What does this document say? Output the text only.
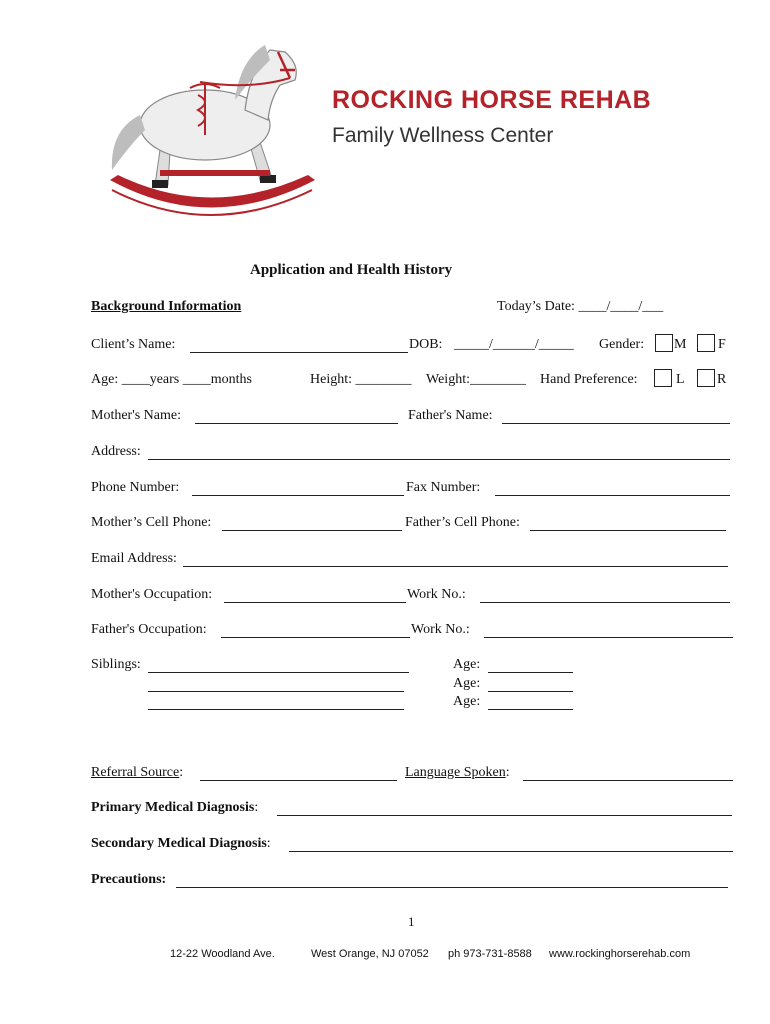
ROCKING HORSE REHAB
Family Wellness Center
Application and Health History
Background Information	Today’s Date: ____/____/___
Client’s Name:	DOB: _____/______/_____ Gender: M F
Age: ____years ____months	Height: ________ Weight:________ Hand Preference:	L R
Mother's Name:	Father's Name:
Address:
Phone Number:	Fax Number:
Mother’s Cell Phone:	Father’s Cell Phone:
Email Address:
Mother's Occupation:	Work No.:
Father's Occupation:	Work No.:
Siblings:	Age:
Age:
Age:
Referral Source:	Language Spoken:
Primary Medical Diagnosis:
Secondary Medical Diagnosis:
Precautions:
1
12-22 Woodland Ave.	West Orange, NJ 07052 ph 973-731-8588 www.rockinghorserehab.com
